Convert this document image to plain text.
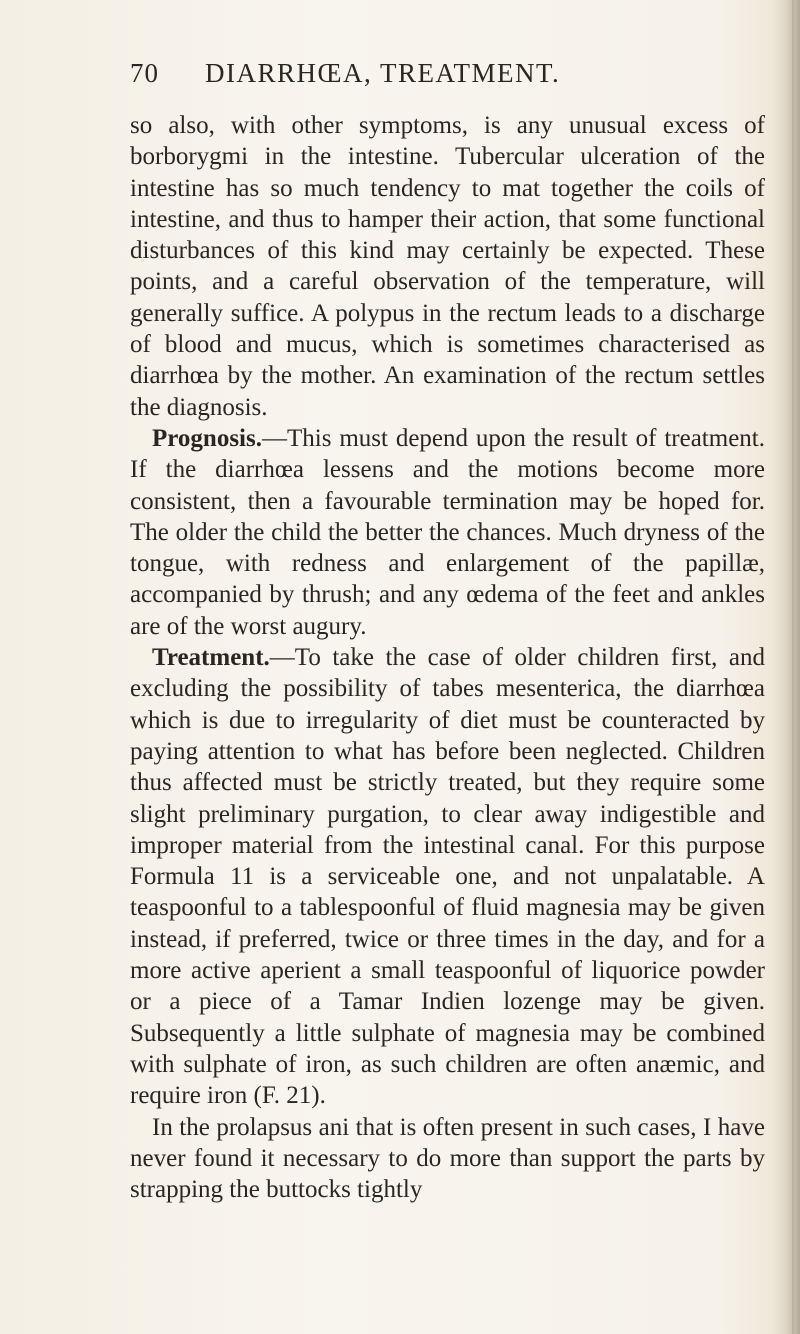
70 DIARRHŒA, TREATMENT.

so also, with other symptoms, is any unusual excess of borborygmi in the intestine. Tubercular ulceration of the intestine has so much tendency to mat together the coils of intestine, and thus to hamper their action, that some functional disturbances of this kind may certainly be expected. These points, and a careful observation of the temperature, will generally suffice. A polypus in the rectum leads to a discharge of blood and mucus, which is sometimes characterised as diarrhœa by the mother. An examination of the rectum settles the diagnosis.

Prognosis.—This must depend upon the result of treatment. If the diarrhœa lessens and the motions become more consistent, then a favourable termination may be hoped for. The older the child the better the chances. Much dryness of the tongue, with redness and enlargement of the papillæ, accompanied by thrush; and any œdema of the feet and ankles are of the worst augury.

Treatment.—To take the case of older children first, and excluding the possibility of tabes mesenterica, the diarrhœa which is due to irregularity of diet must be counteracted by paying attention to what has before been neglected. Children thus affected must be strictly treated, but they require some slight preliminary purgation, to clear away indigestible and improper material from the intestinal canal. For this purpose Formula 11 is a serviceable one, and not unpalatable. A teaspoonful to a tablespoonful of fluid magnesia may be given instead, if preferred, twice or three times in the day, and for a more active aperient a small teaspoonful of liquorice powder or a piece of a Tamar Indien lozenge may be given. Subsequently a little sulphate of magnesia may be combined with sulphate of iron, as such children are often anæmic, and require iron (F. 21).

In the prolapsus ani that is often present in such cases, I have never found it necessary to do more than support the parts by strapping the buttocks tightly
